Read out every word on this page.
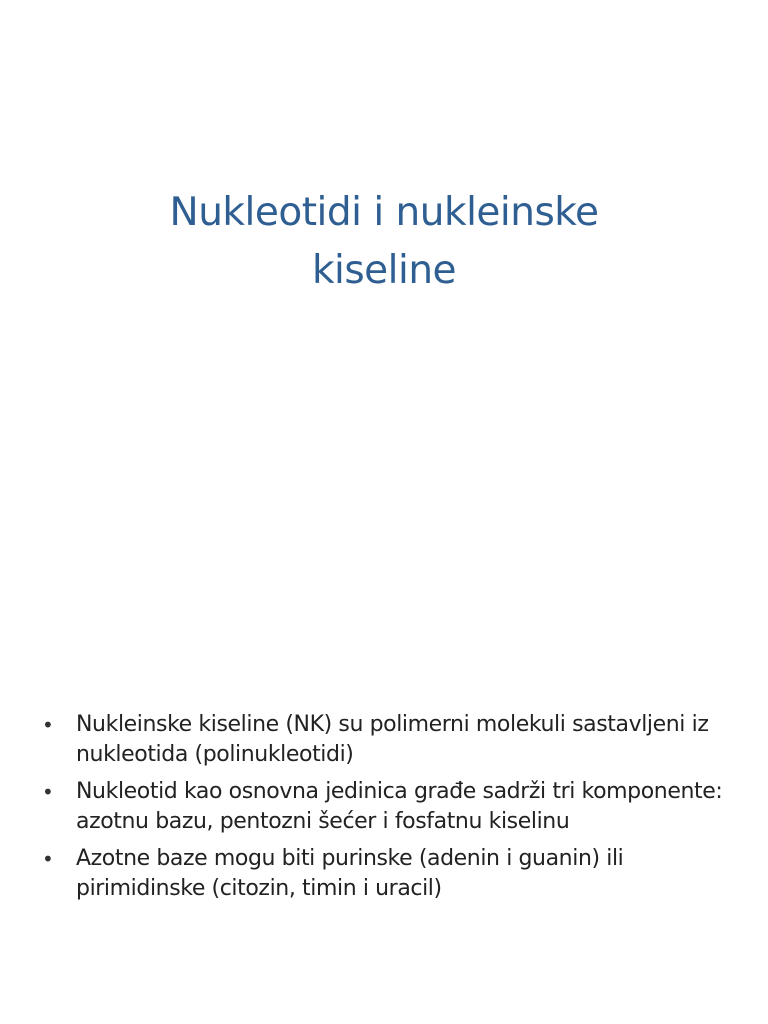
Nukleotidi i nukleinske
kiseline
• Nukleinske kiseline (NK) su polimerni molekuli sastavljeni iz nukleotida (polinukleotidi)
• Nukleotid kao osnovna jedinica građe sadrži tri komponente: azotnu bazu, pentozni šećer i fosfatnu kiselinu
• Azotne baze mogu biti purinske (adenin i guanin) ili pirimidinske (citozin, timin i uracil)
